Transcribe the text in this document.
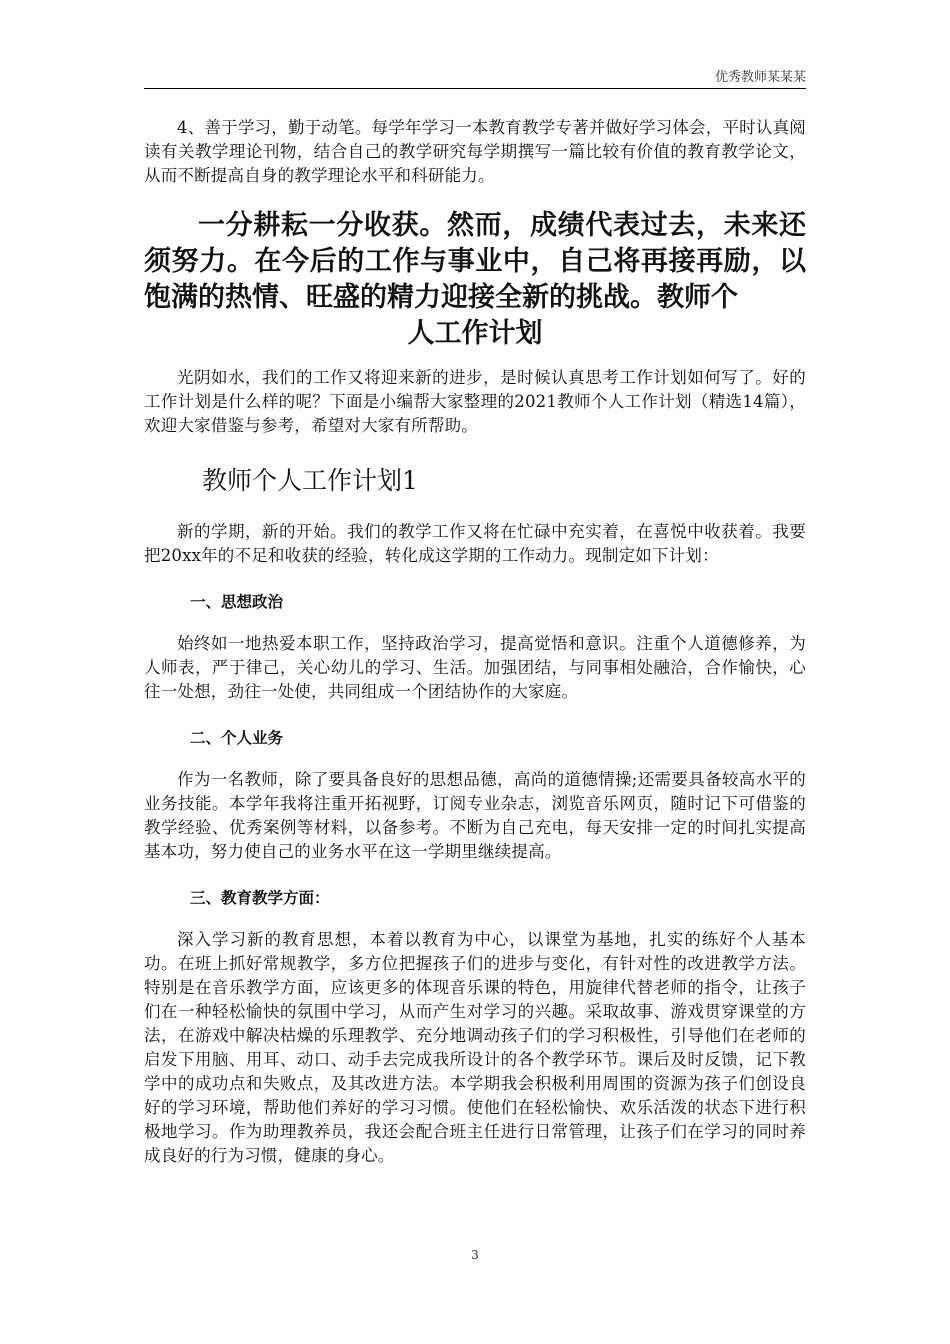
优秀教师某某某

4、善于学习，勤于动笔。每学年学习一本教育教学专著并做好学习体会，平时认真阅读有关教学理论刊物，结合自己的教学研究每学期撰写一篇比较有价值的教育教学论文，从而不断提高自身的教学理论水平和科研能力。

一分耕耘一分收获。然而，成绩代表过去，未来还须努力。在今后的工作与事业中，自己将再接再励，以饱满的热情、旺盛的精力迎接全新的挑战。教师个
人工作计划

光阴如水，我们的工作又将迎来新的进步，是时候认真思考工作计划如何写了。好的工作计划是什么样的呢？下面是小编帮大家整理的2021教师个人工作计划（精选14篇），欢迎大家借鉴与参考，希望对大家有所帮助。

教师个人工作计划1

新的学期，新的开始。我们的教学工作又将在忙碌中充实着，在喜悦中收获着。我要把20xx年的不足和收获的经验，转化成这学期的工作动力。现制定如下计划：

一、思想政治

始终如一地热爱本职工作，坚持政治学习，提高觉悟和意识。注重个人道德修养，为人师表，严于律己，关心幼儿的学习、生活。加强团结，与同事相处融洽，合作愉快，心往一处想，劲往一处使，共同组成一个团结协作的大家庭。

二、个人业务

作为一名教师，除了要具备良好的思想品德，高尚的道德情操;还需要具备较高水平的业务技能。本学年我将注重开拓视野，订阅专业杂志，浏览音乐网页，随时记下可借鉴的教学经验、优秀案例等材料，以备参考。不断为自己充电，每天安排一定的时间扎实提高基本功，努力使自己的业务水平在这一学期里继续提高。

三、教育教学方面：

深入学习新的教育思想，本着以教育为中心，以课堂为基地，扎实的练好个人基本功。在班上抓好常规教学，多方位把握孩子们的进步与变化，有针对性的改进教学方法。特别是在音乐教学方面，应该更多的体现音乐课的特色，用旋律代替老师的指令，让孩子们在一种轻松愉快的氛围中学习，从而产生对学习的兴趣。采取故事、游戏贯穿课堂的方法，在游戏中解决枯燥的乐理教学、充分地调动孩子们的学习积极性，引导他们在老师的启发下用脑、用耳、动口、动手去完成我所设计的各个教学环节。课后及时反馈，记下教学中的成功点和失败点，及其改进方法。本学期我会积极利用周围的资源为孩子们创设良好的学习环境，帮助他们养好的学习习惯。使他们在轻松愉快、欢乐活泼的状态下进行积极地学习。作为助理教养员，我还会配合班主任进行日常管理，让孩子们在学习的同时养成良好的行为习惯，健康的身心。

3
